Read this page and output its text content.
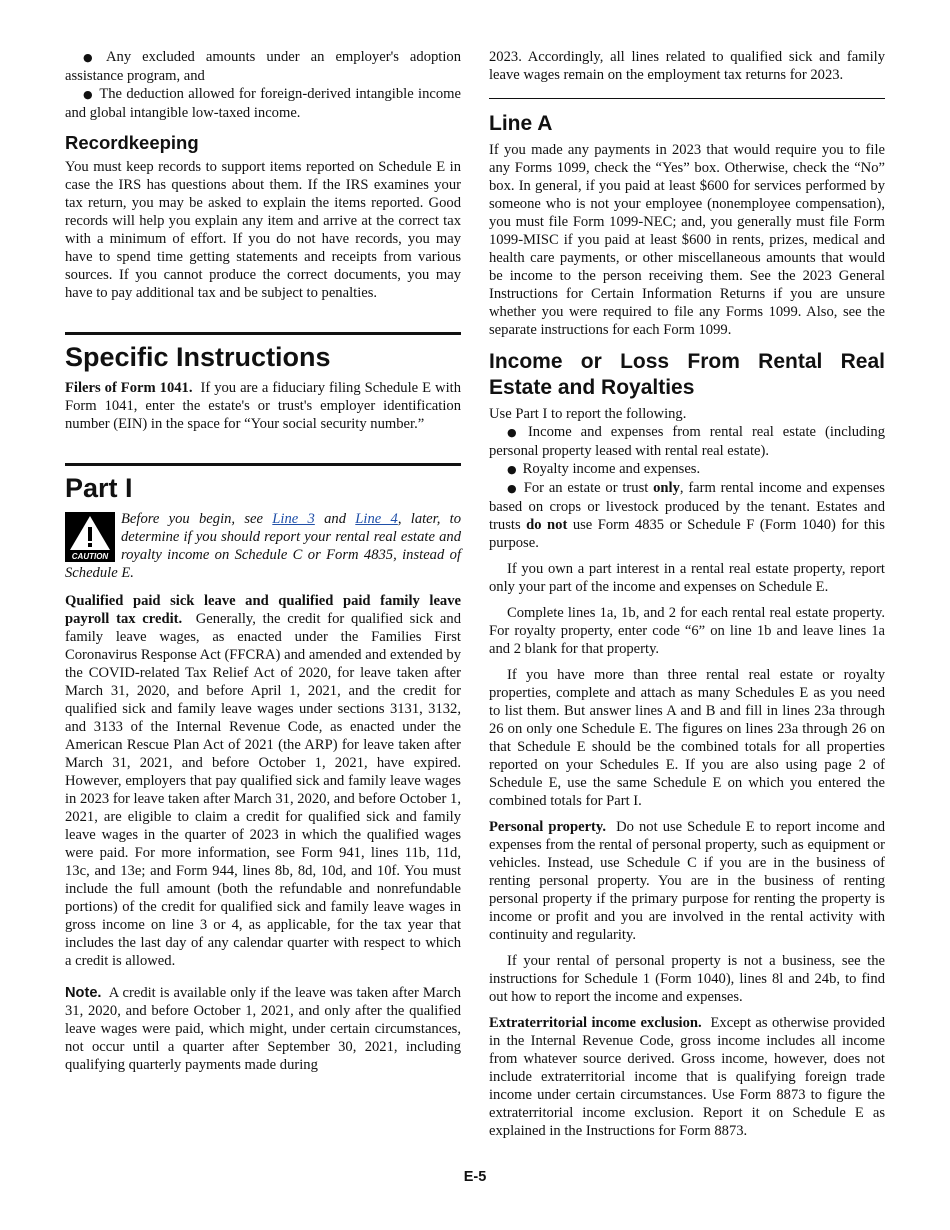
● Any excluded amounts under an employer's adoption assistance program, and

● The deduction allowed for foreign-derived intangible income and global intangible low-taxed income.

Recordkeeping

You must keep records to support items reported on Schedule E in case the IRS has questions about them. If the IRS examines your tax return, you may be asked to explain the items reported. Good records will help you explain any item and arrive at the correct tax with a minimum of effort. If you do not have records, you may have to spend time getting statements and receipts from various sources. If you cannot produce the correct documents, you may have to pay additional tax and be subject to penalties.

Specific Instructions

Filers of Form 1041. If you are a fiduciary filing Schedule E with Form 1041, enter the estate's or trust's employer identification number (EIN) in the space for “Your social security number.”

Part I
CAUTION
Before you begin, see Line 3 and Line 4, later, to determine if you should report your rental real estate and royalty income on Schedule C or Form 4835, instead of Schedule E.

Qualified paid sick leave and qualified paid family leave payroll tax credit. Generally, the credit for qualified sick and family leave wages, as enacted under the Families First Coronavirus Response Act (FFCRA) and amended and extended by the COVID-related Tax Relief Act of 2020, for leave taken after March 31, 2020, and before April 1, 2021, and the credit for qualified sick and family leave wages under sections 3131, 3132, and 3133 of the Internal Revenue Code, as enacted under the American Rescue Plan Act of 2021 (the ARP) for leave taken after March 31, 2021, and before October 1, 2021, have expired. However, employers that pay qualified sick and family leave wages in 2023 for leave taken after March 31, 2020, and before October 1, 2021, are eligible to claim a credit for qualified sick and family leave wages in the quarter of 2023 in which the qualified wages were paid. For more information, see Form 941, lines 11b, 11d, 13c, and 13e; and Form 944, lines 8b, 8d, 10d, and 10f. You must include the full amount (both the refundable and nonrefundable portions) of the credit for qualified sick and family leave wages in gross income on line 3 or 4, as applicable, for the tax year that includes the last day of any calendar quarter with respect to which a credit is allowed.

Note. A credit is available only if the leave was taken after March 31, 2020, and before October 1, 2021, and only after the qualified leave wages were paid, which might, under certain circumstances, not occur until a quarter after September 30, 2021, including qualifying quarterly payments made during

2023. Accordingly, all lines related to qualified sick and family leave wages remain on the employment tax returns for 2023.

Line A

If you made any payments in 2023 that would require you to file any Forms 1099, check the “Yes” box. Otherwise, check the “No” box. In general, if you paid at least $600 for services performed by someone who is not your employee (nonemployee compensation), you must file Form 1099-NEC; and, you generally must file Form 1099-MISC if you paid at least $600 in rents, prizes, medical and health care payments, or other miscellaneous amounts that would be income to the person receiving them. See the 2023 General Instructions for Certain Information Returns if you are unsure whether you were required to file any Forms 1099. Also, see the separate instructions for each Form 1099.

Income or Loss From Rental Real Estate and Royalties

Use Part I to report the following.

● Income and expenses from rental real estate (including personal property leased with rental real estate).

● Royalty income and expenses.

● For an estate or trust only, farm rental income and expenses based on crops or livestock produced by the tenant. Estates and trusts do not use Form 4835 or Schedule F (Form 1040) for this purpose.

If you own a part interest in a rental real estate property, report only your part of the income and expenses on Schedule E.

Complete lines 1a, 1b, and 2 for each rental real estate property. For royalty property, enter code “6” on line 1b and leave lines 1a and 2 blank for that property.

If you have more than three rental real estate or royalty properties, complete and attach as many Schedules E as you need to list them. But answer lines A and B and fill in lines 23a through 26 on only one Schedule E. The figures on lines 23a through 26 on that Schedule E should be the combined totals for all properties reported on your Schedules E. If you are also using page 2 of Schedule E, use the same Schedule E on which you entered the combined totals for Part I.

Personal property. Do not use Schedule E to report income and expenses from the rental of personal property, such as equipment or vehicles. Instead, use Schedule C if you are in the business of renting personal property. You are in the business of renting personal property if the primary purpose for renting the property is income or profit and you are involved in the rental activity with continuity and regularity.

If your rental of personal property is not a business, see the instructions for Schedule 1 (Form 1040), lines 8l and 24b, to find out how to report the income and expenses.

Extraterritorial income exclusion. Except as otherwise provided in the Internal Revenue Code, gross income includes all income from whatever source derived. Gross income, however, does not include extraterritorial income that is qualifying foreign trade income under certain circumstances. Use Form 8873 to figure the extraterritorial income exclusion. Report it on Schedule E as explained in the Instructions for Form 8873.

E-5
